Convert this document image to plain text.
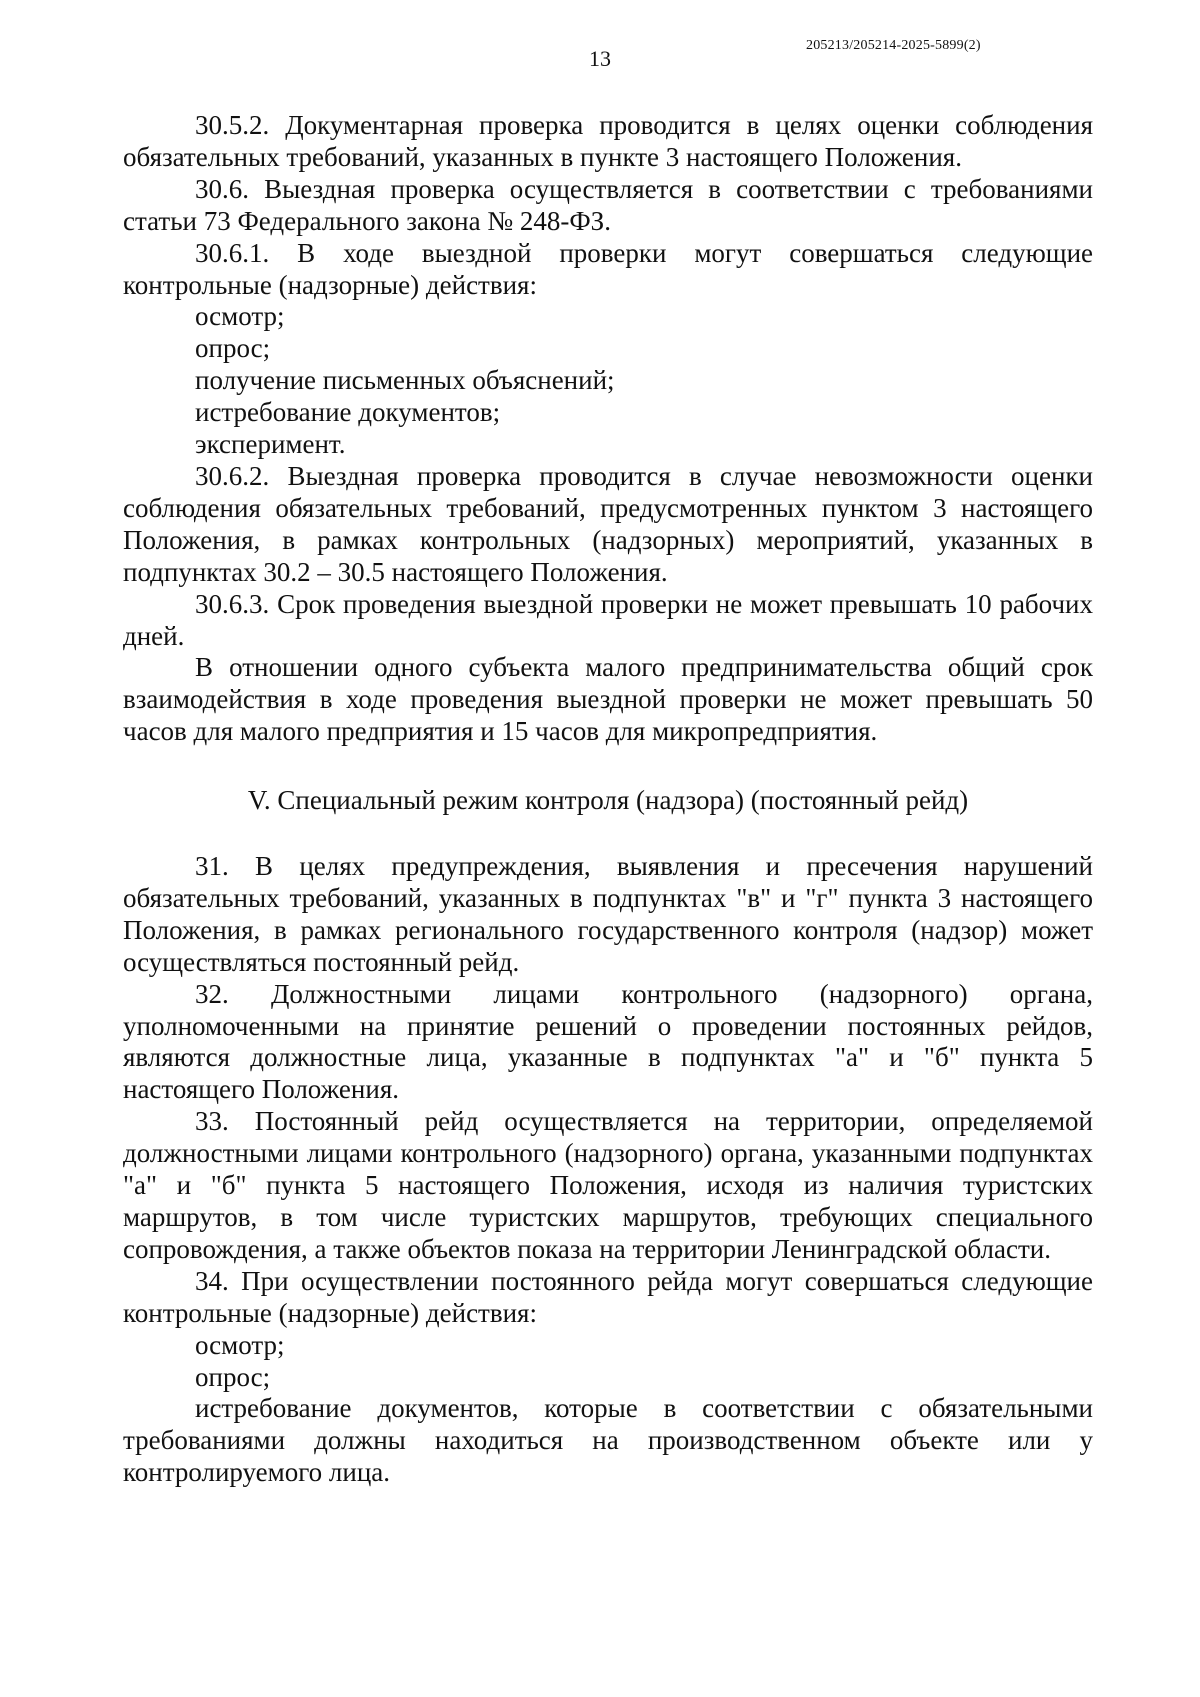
13
205213/205214-2025-5899(2)

30.5.2. Документарная проверка проводится в целях оценки соблюдения обязательных требований, указанных в пункте 3 настоящего Положения.

30.6. Выездная проверка осуществляется в соответствии с требованиями статьи 73 Федерального закона № 248-ФЗ.

30.6.1. В ходе выездной проверки могут совершаться следующие контрольные (надзорные) действия:

осмотр;

опрос;

получение письменных объяснений;

истребование документов;

эксперимент.

30.6.2. Выездная проверка проводится в случае невозможности оценки соблюдения обязательных требований, предусмотренных пунктом 3 настоящего Положения, в рамках контрольных (надзорных) мероприятий, указанных в подпунктах 30.2 – 30.5 настоящего Положения.

30.6.3. Срок проведения выездной проверки не может превышать 10 рабочих дней.

В отношении одного субъекта малого предпринимательства общий срок взаимодействия в ходе проведения выездной проверки не может превышать 50 часов для малого предприятия и 15 часов для микропредприятия.

V. Специальный режим контроля (надзора) (постоянный рейд)

31. В целях предупреждения, выявления и пресечения нарушений обязательных требований, указанных в подпунктах "в" и "г" пункта 3 настоящего Положения, в рамках регионального государственного контроля (надзор) может осуществляться постоянный рейд.

32. Должностными лицами контрольного (надзорного) органа, уполномоченными на принятие решений о проведении постоянных рейдов, являются должностные лица, указанные в подпунктах "а" и "б" пункта 5 настоящего Положения.

33. Постоянный рейд осуществляется на территории, определяемой должностными лицами контрольного (надзорного) органа, указанными подпунктах "а" и "б" пункта 5 настоящего Положения, исходя из наличия туристских маршрутов, в том числе туристских маршрутов, требующих специального сопровождения, а также объектов показа на территории Ленинградской области.

34. При осуществлении постоянного рейда могут совершаться следующие контрольные (надзорные) действия:

осмотр;

опрос;

истребование документов, которые в соответствии с обязательными требованиями должны находиться на производственном объекте или у контролируемого лица.
